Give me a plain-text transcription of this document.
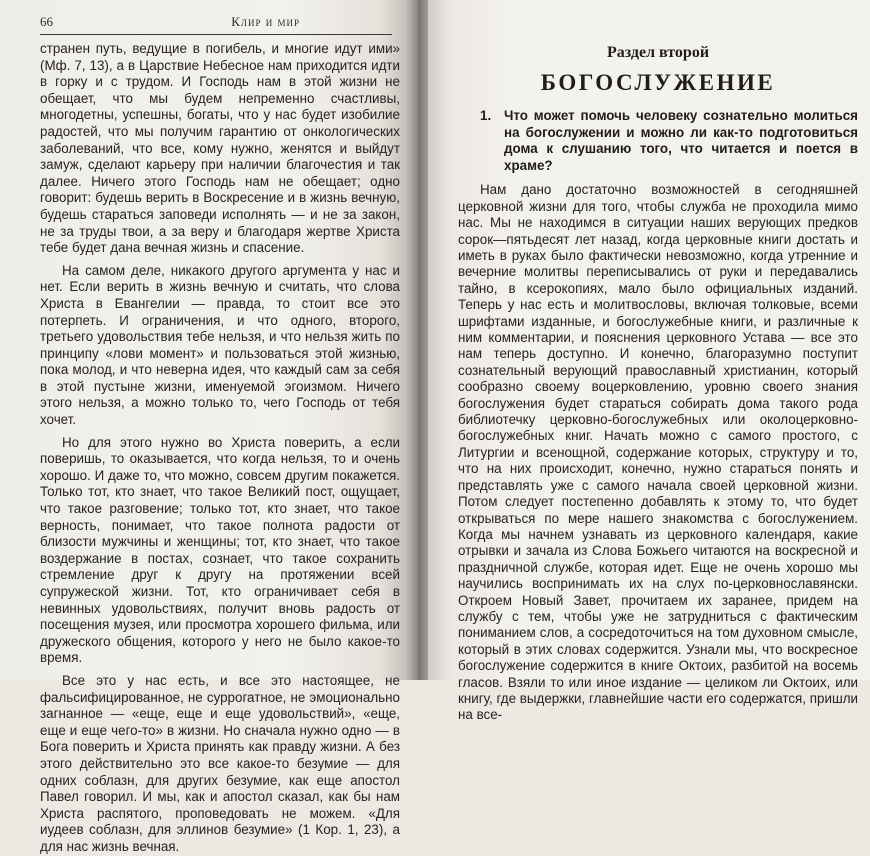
66	Клир и мир

странен путь, ведущие в погибель, и многие идут ими» (Мф. 7, 13), а в Царствие Небесное нам приходится идти в горку и с трудом. И Господь нам в этой жизни не обещает, что мы будем непременно счастливы, многодетны, успешны, богаты, что у нас будет изобилие радостей, что мы получим гарантию от онкологических заболеваний, что все, кому нужно, женятся и выйдут замуж, сделают карьеру при наличии благочестия и так далее. Ничего этого Господь нам не обещает; одно говорит: будешь верить в Воскресение и в жизнь вечную, будешь стараться заповеди исполнять — и не за закон, не за труды твои, а за веру и благодаря жертве Христа тебе будет дана вечная жизнь и спасение.

На самом деле, никакого другого аргумента у нас и нет. Если верить в жизнь вечную и считать, что слова Христа в Евангелии — правда, то стоит все это потерпеть. И ограничения, и что одного, второго, третьего удовольствия тебе нельзя, и что нельзя жить по принципу «лови момент» и пользоваться этой жизнью, пока молод, и что неверна идея, что каждый сам за себя в этой пустыне жизни, именуемой эгоизмом. Ничего этого нельзя, а можно только то, чего Господь от тебя хочет.

Но для этого нужно во Христа поверить, а если поверишь, то оказывается, что когда нельзя, то и очень хорошо. И даже то, что можно, совсем другим покажется. Только тот, кто знает, что такое Великий пост, ощущает, что такое разговение; только тот, кто знает, что такое верность, понимает, что такое полнота радости от близости мужчины и женщины; тот, кто знает, что такое воздержание в постах, сознает, что такое сохранить стремление друг к другу на протяжении всей супружеской жизни. Тот, кто ограничивает себя в невинных удовольствиях, получит вновь радость от посещения музея, или просмотра хорошего фильма, или дружеского общения, которого у него не было какое-то время.

Все это у нас есть, и все это настоящее, не фальсифицированное, не суррогатное, не эмоционально загнанное — «еще, еще и еще удовольствий», «еще, еще и еще чего-то» в жизни. Но сначала нужно одно — в Бога поверить и Христа принять как правду жизни. А без этого действительно это все какое-то безумие — для одних соблазн, для других безумие, как еще апостол Павел говорил. И мы, как и апостол сказал, как бы нам Христа распятого, проповедовать не можем. «Для иудеев соблазн, для эллинов безумие» (1 Кор. 1, 23), а для нас жизнь вечная.

Раздел второй
БОГОСЛУЖЕНИЕ
1. Что может помочь человеку сознательно молиться на богослужении и можно ли как-то подготовиться дома к слушанию того, что читается и поется в храме?

Нам дано достаточно возможностей в сегодняшней церковной жизни для того, чтобы служба не проходила мимо нас. Мы не находимся в ситуации наших верующих предков сорок—пятьдесят лет назад, когда церковные книги достать и иметь в руках было фактически невозможно, когда утренние и вечерние молитвы переписывались от руки и передавались тайно, в ксерокопиях, мало было официальных изданий. Теперь у нас есть и молитвословы, включая толковые, всеми шрифтами изданные, и богослужебные книги, и различные к ним комментарии, и пояснения церковного Устава — все это нам теперь доступно. И конечно, благоразумно поступит сознательный верующий православный христианин, который сообразно своему воцерковлению, уровню своего знания богослужения будет стараться собирать дома такого рода библиотечку церковно-богослужебных или околоцерковно-богослужебных книг. Начать можно с самого простого, с Литургии и всенощной, содержание которых, структуру и то, что на них происходит, конечно, нужно стараться понять и представлять уже с самого начала своей церковной жизни. Потом следует постепенно добавлять к этому то, что будет открываться по мере нашего знакомства с богослужением. Когда мы начнем узнавать из церковного календаря, какие отрывки и зачала из Слова Божьего читаются на воскресной и праздничной службе, которая идет. Еще не очень хорошо мы научились воспринимать их на слух по-церковнославянски. Откроем Новый Завет, прочитаем их заранее, придем на службу с тем, чтобы уже не затрудниться с фактическим пониманием слов, а сосредоточиться на том духовном смысле, который в этих словах содержится. Узнали мы, что воскресное богослужение содержится в книге Октоих, разбитой на восемь гласов. Взяли то или иное издание — целиком ли Октоих, или книгу, где выдержки, главнейшие части его содержатся, пришли на все-
